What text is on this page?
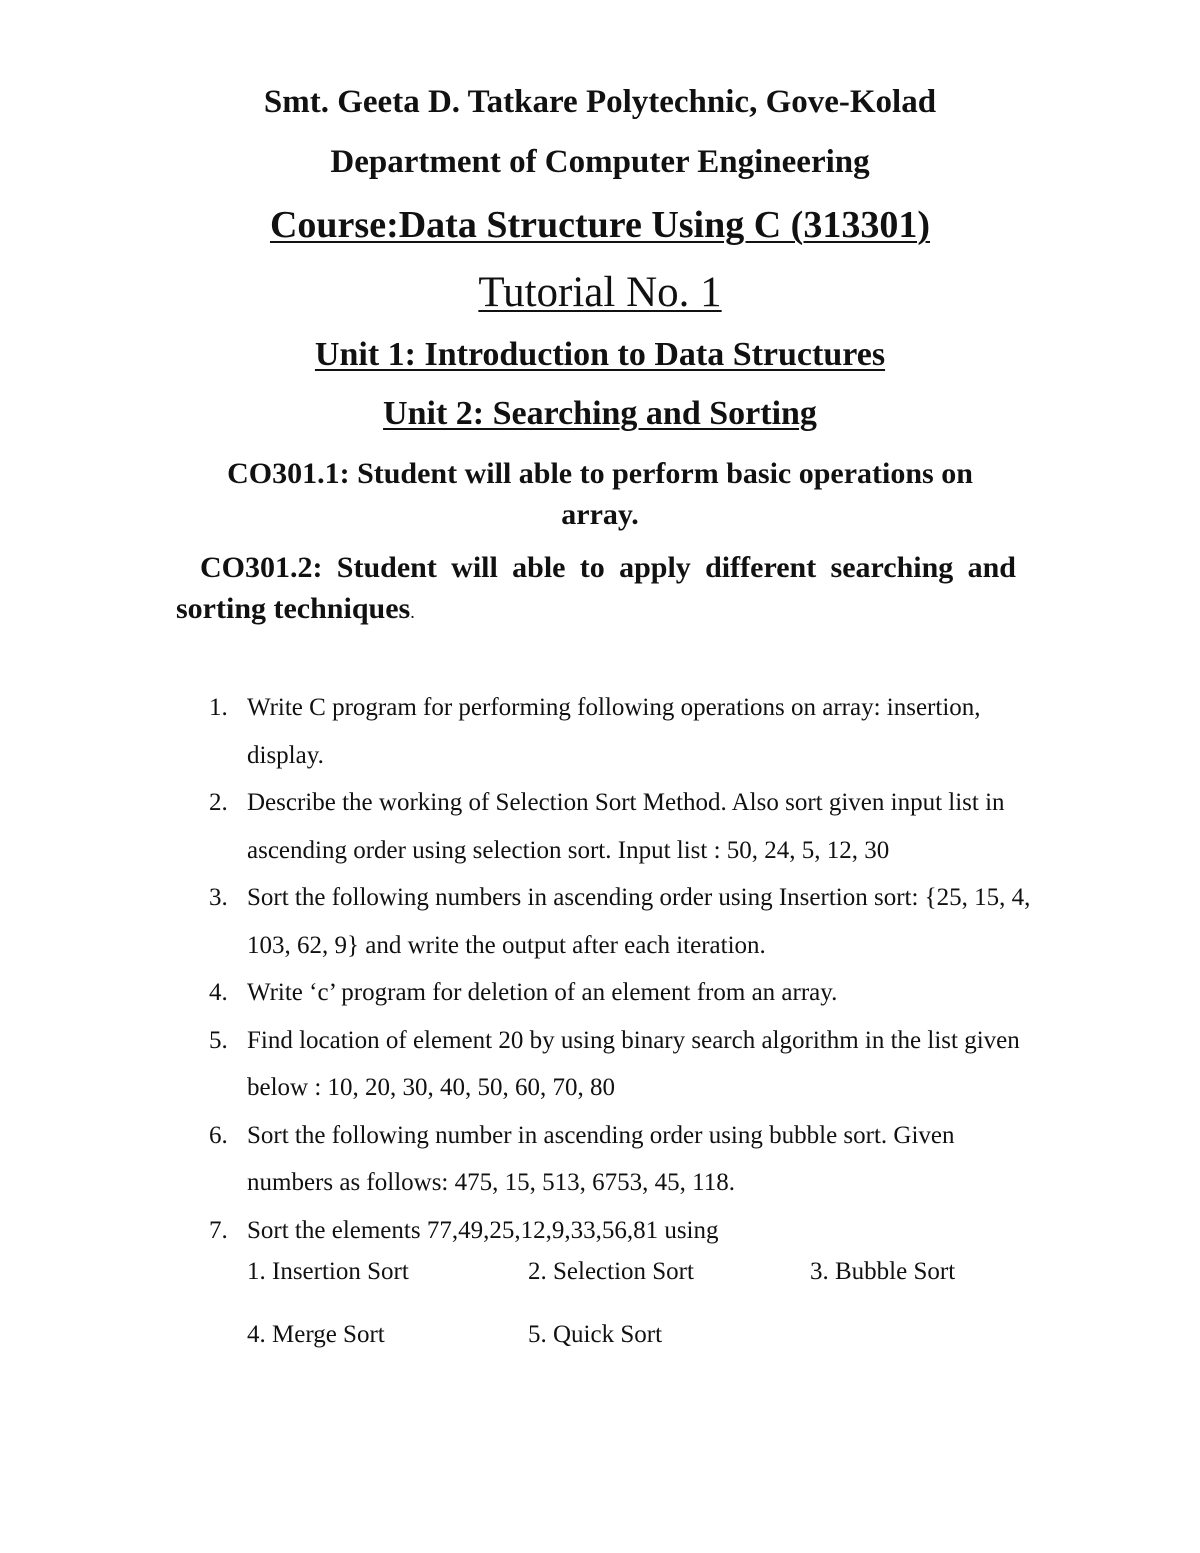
Smt. Geeta D. Tatkare Polytechnic, Gove-Kolad
Department of Computer Engineering
Course:Data Structure Using C (313301)
Tutorial No. 1
Unit 1: Introduction to Data Structures
Unit 2: Searching and Sorting
CO301.1: Student will able to perform basic operations on array.
CO301.2: Student will able to apply different searching and sorting techniques.
1. Write C program for performing following operations on array: insertion, display.
2. Describe the working of Selection Sort Method. Also sort given input list in ascending order using selection sort. Input list : 50, 24, 5, 12, 30
3. Sort the following numbers in ascending order using Insertion sort: {25, 15, 4, 103, 62, 9} and write the output after each iteration.
4. Write ‘c’ program for deletion of an element from an array.
5. Find location of element 20 by using binary search algorithm in the list given below : 10, 20, 30, 40, 50, 60, 70, 80
6. Sort the following number in ascending order using bubble sort. Given numbers as follows: 475, 15, 513, 6753, 45, 118.
7. Sort the elements 77,49,25,12,9,33,56,81 using
1. Insertion Sort	2. Selection Sort	3. Bubble Sort
4. Merge Sort	5. Quick Sort
